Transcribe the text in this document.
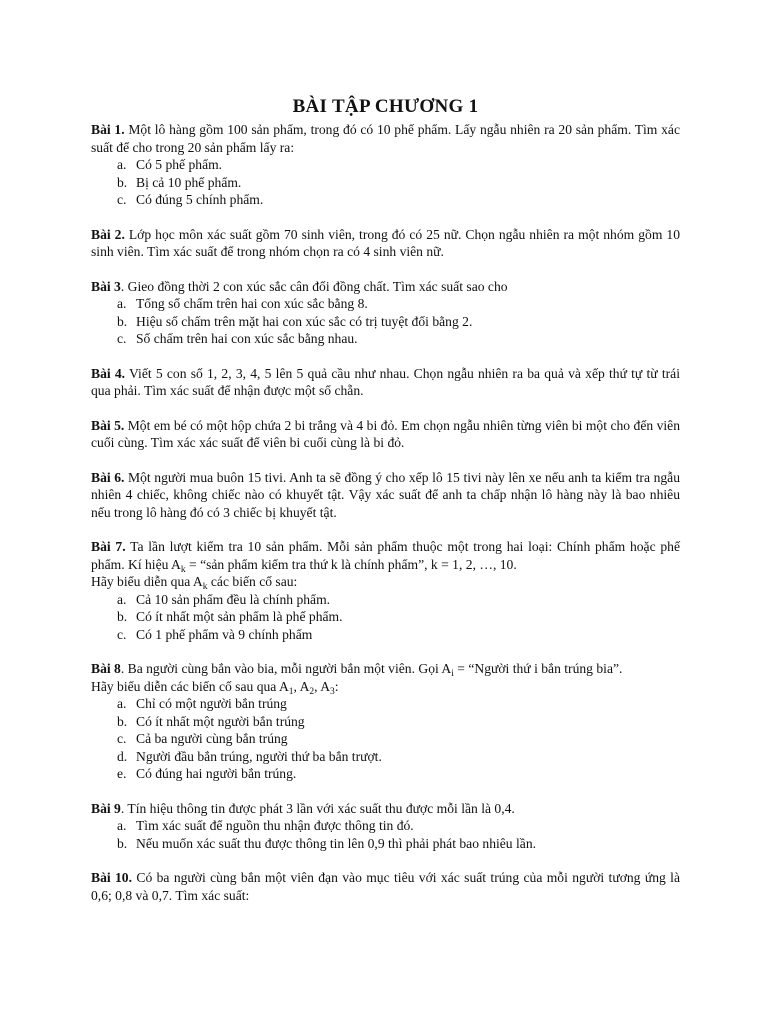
BÀI TẬP CHƯƠNG 1

Bài 1. Một lô hàng gồm 100 sản phẩm, trong đó có 10 phế phẩm. Lấy ngẫu nhiên ra 20 sản phẩm. Tìm xác suất để cho trong 20 sản phẩm lấy ra:

a. Có 5 phế phẩm.
b. Bị cả 10 phế phẩm.
c. Có đúng 5 chính phẩm.

Bài 2. Lớp học môn xác suất gồm 70 sinh viên, trong đó có 25 nữ. Chọn ngẫu nhiên ra một nhóm gồm 10 sinh viên. Tìm xác suất để trong nhóm chọn ra có 4 sinh viên nữ.

Bài 3. Gieo đồng thời 2 con xúc sắc cân đối đồng chất. Tìm xác suất sao cho

a. Tổng số chấm trên hai con xúc sắc bằng 8.
b. Hiệu số chấm trên mặt hai con xúc sắc có trị tuyệt đối bằng 2.
c. Số chấm trên hai con xúc sắc bằng nhau.

Bài 4. Viết 5 con số 1, 2, 3, 4, 5 lên 5 quả cầu như nhau. Chọn ngẫu nhiên ra ba quả và xếp thứ tự từ trái qua phải. Tìm xác suất để nhận được một số chẵn.

Bài 5. Một em bé có một hộp chứa 2 bi trắng và 4 bi đỏ. Em chọn ngẫu nhiên từng viên bi một cho đến viên cuối cùng. Tìm xác xác suất để viên bi cuối cùng là bi đỏ.

Bài 6. Một người mua buôn 15 tivi. Anh ta sẽ đồng ý cho xếp lô 15 tivi này lên xe nếu anh ta kiểm tra ngẫu nhiên 4 chiếc, không chiếc nào có khuyết tật. Vậy xác suất để anh ta chấp nhận lô hàng này là bao nhiêu nếu trong lô hàng đó có 3 chiếc bị khuyết tật.

Bài 7. Ta lần lượt kiểm tra 10 sản phẩm. Mỗi sản phẩm thuộc một trong hai loại: Chính phẩm hoặc phế phẩm. Kí hiệu $A_k$ = “sản phẩm kiểm tra thứ k là chính phẩm”, k = 1, 2, …, 10.
Hãy biểu diễn qua $A_k$ các biến cố sau:

a. Cả 10 sản phẩm đều là chính phẩm.
b. Có ít nhất một sản phẩm là phế phẩm.
c. Có 1 phế phẩm và 9 chính phẩm

Bài 8. Ba người cùng bắn vào bia, mỗi người bắn một viên. Gọi $A_i$ = “Người thứ i bắn trúng bia”.
Hãy biểu diễn các biến cố sau qua $A_1$, $A_2$, $A_3$:

a. Chỉ có một người bắn trúng
b. Có ít nhất một người bắn trúng
c. Cả ba người cùng bắn trúng
d. Người đầu bắn trúng, người thứ ba bắn trượt.
e. Có đúng hai người bắn trúng.

Bài 9. Tín hiệu thông tin được phát 3 lần với xác suất thu được mỗi lần là 0,4.

a. Tìm xác suất để nguồn thu nhận được thông tin đó.
b. Nếu muốn xác suất thu được thông tin lên 0,9 thì phải phát bao nhiêu lần.

Bài 10. Có ba người cùng bắn một viên đạn vào mục tiêu với xác suất trúng của mỗi người tương ứng là 0,6; 0,8 và 0,7. Tìm xác suất:
